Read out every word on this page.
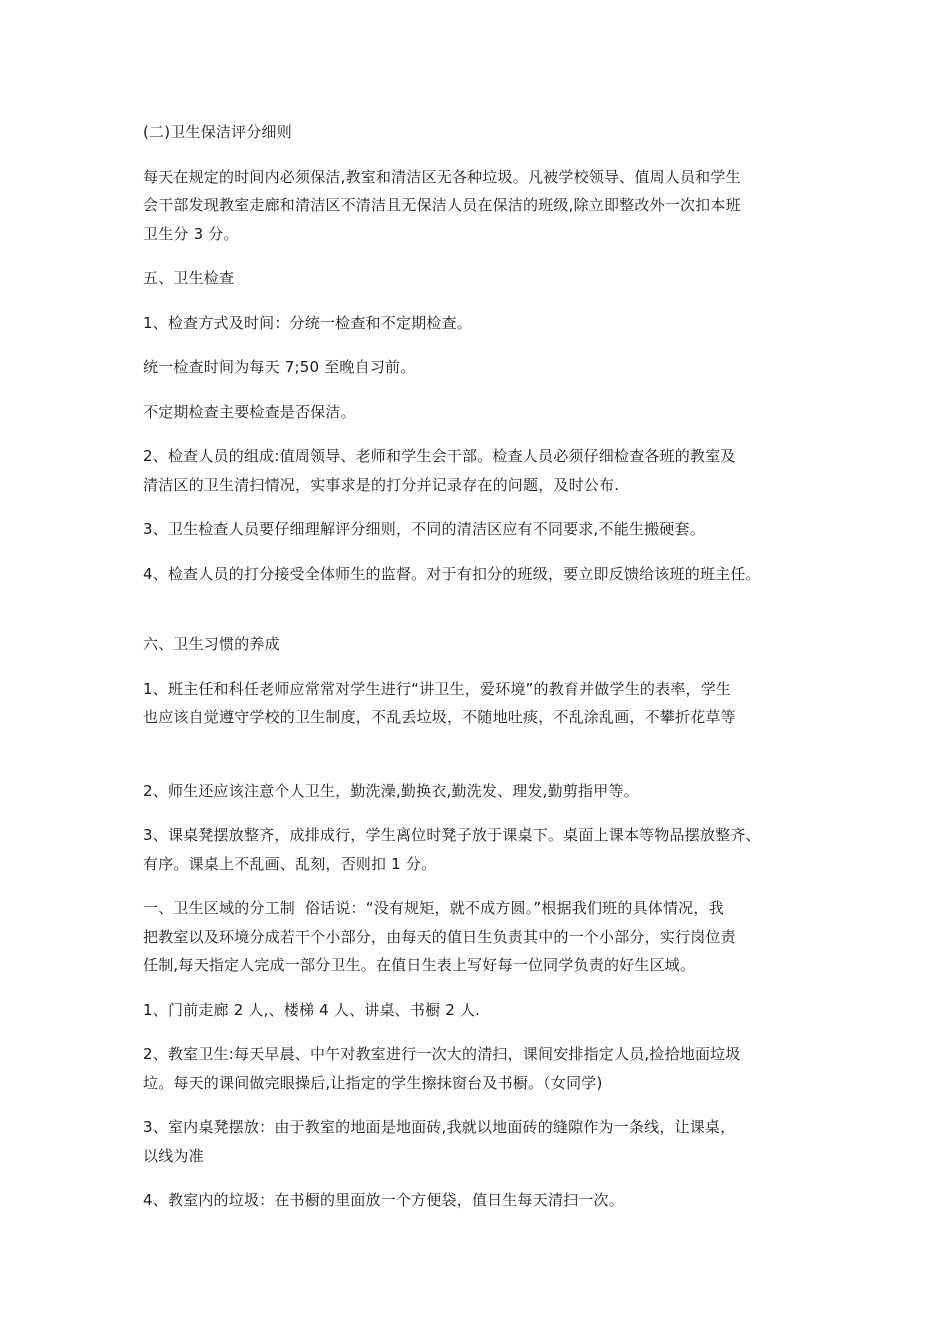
(二)卫生保洁评分细则

每天在规定的时间内必须保洁,教室和清洁区无各种垃圾。凡被学校领导、值周人员和学生
会干部发现教室走廊和清洁区不清洁且无保洁人员在保洁的班级,除立即整改外一次扣本班
卫生分 3 分。

五、卫生检查

1、检查方式及时间：分统一检查和不定期检查。

统一检查时间为每天 7;50 至晚自习前。

不定期检查主要检查是否保洁。

2、检查人员的组成:值周领导、老师和学生会干部。检查人员必须仔细检查各班的教室及
清洁区的卫生清扫情况，实事求是的打分并记录存在的问题，及时公布.

3、卫生检查人员要仔细理解评分细则，不同的清洁区应有不同要求,不能生搬硬套。

4、检查人员的打分接受全体师生的监督。对于有扣分的班级，要立即反馈给该班的班主任。

六、卫生习惯的养成

1、班主任和科任老师应常常对学生进行“讲卫生，爱环境”的教育并做学生的表率，学生
也应该自觉遵守学校的卫生制度，不乱丢垃圾，不随地吐痰，不乱涂乱画，不攀折花草等

2、师生还应该注意个人卫生，勤洗澡,勤换衣,勤洗发、理发,勤剪指甲等。

3、课桌凳摆放整齐，成排成行，学生离位时凳子放于课桌下。桌面上课本等物品摆放整齐、
有序。课桌上不乱画、乱刻，否则扣 1 分。

一、卫生区域的分工制  俗话说：“没有规矩，就不成方圆。”根据我们班的具体情况，我
把教室以及环境分成若干个小部分，由每天的值日生负责其中的一个小部分，实行岗位责
任制,每天指定人完成一部分卫生。在值日生表上写好每一位同学负责的好生区域。

1、门前走廊 2 人,、楼梯 4 人、讲桌、书橱 2 人.

2、教室卫生:每天早晨、中午对教室进行一次大的清扫，课间安排指定人员,捡拾地面垃圾
垃。每天的课间做完眼操后,让指定的学生擦抹窗台及书橱。（女同学)

3、室内桌凳摆放：由于教室的地面是地面砖,我就以地面砖的缝隙作为一条线，让课桌，
以线为准

4、教室内的垃圾：在书橱的里面放一个方便袋，值日生每天清扫一次。
